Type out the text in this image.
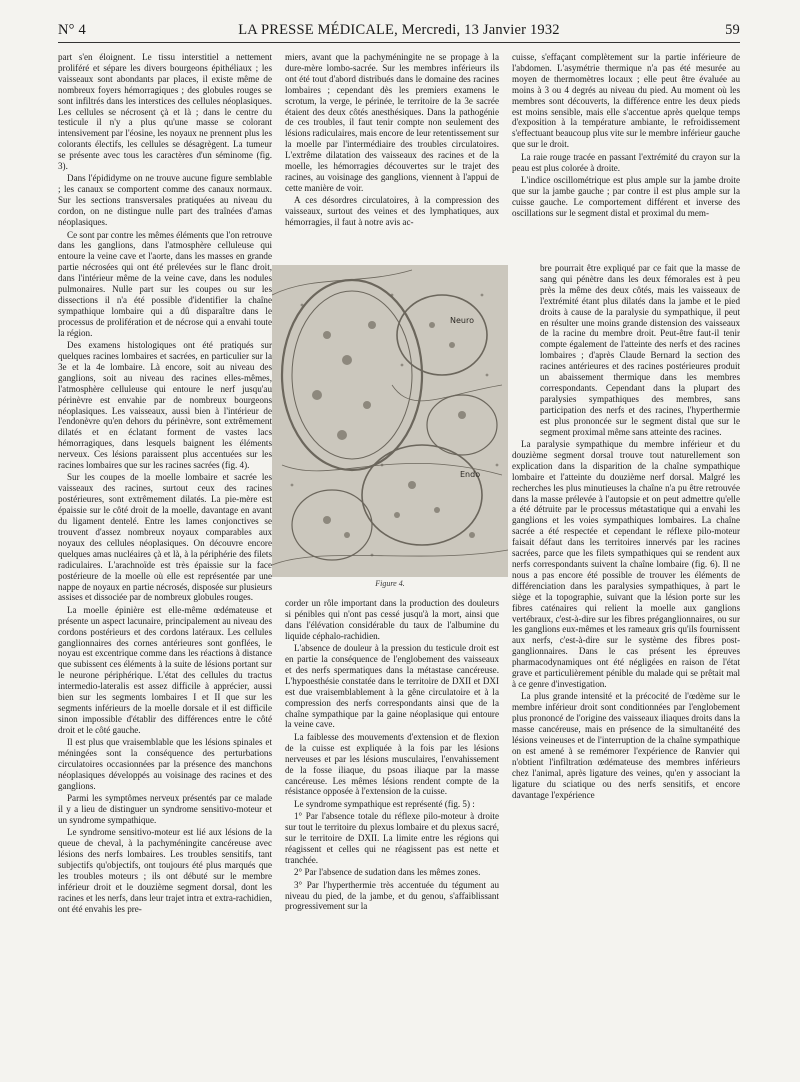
N° 4	LA PRESSE MÉDICALE, Mercredi, 13 Janvier 1932	59

part s'en éloignent. Le tissu interstitiel a nettement proliféré et sépare les divers bourgeons épithéliaux ; les vaisseaux sont abondants par places, il existe même de nombreux foyers hémorragiques ; des globules rouges se sont infiltrés dans les interstices des cellules néoplasiques. Les cellules se nécrosent çà et là ; dans le centre du testicule il n'y a plus qu'une masse se colorant intensivement par l'éosine, les noyaux ne prennent plus les colorants électifs, les cellules se désagrègent. La tumeur se présente avec tous les caractères d'un séminome (fig. 3).

Dans l'épididyme on ne trouve aucune figure semblable ; les canaux se comportent comme des canaux normaux. Sur les sections transversales pratiquées au niveau du cordon, on ne distingue nulle part des traînées d'amas néoplasiques.

Ce sont par contre les mêmes éléments que l'on retrouve dans les ganglions, dans l'atmosphère celluleuse qui entoure la veine cave et l'aorte, dans les masses en grande partie nécrosées qui ont été prélevées sur le flanc droit, dans l'intérieur même de la veine cave, dans les nodules pulmonaires. Nulle part sur les coupes ou sur les dissections il n'a été possible d'identifier la chaîne sympathique lombaire qui a dû disparaître dans le processus de prolifération et de nécrose qui a envahi toute la région.

Des examens histologiques ont été pratiqués sur quelques racines lombaires et sacrées, en particulier sur la 3e et la 4e lombaire. Là encore, soit au niveau des ganglions, soit au niveau des racines elles-mêmes, l'atmosphère celluleuse qui entoure le nerf jusqu'au périnèvre est envahie par de nombreux bourgeons néoplasiques. Les vaisseaux, aussi bien à l'intérieur de l'endonèvre qu'en dehors du périnèvre, sont extrêmement dilatés et en éclatant forment de vastes lacs hémorragiques, dans lesquels baignent les éléments nerveux. Ces lésions paraissent plus accentuées sur les racines lombaires que sur les racines sacrées (fig. 4).

Sur les coupes de la moelle lombaire et sacrée les vaisseaux des racines, surtout ceux des racines postérieures, sont extrêmement dilatés. La pie-mère est épaissie sur le côté droit de la moelle, davantage en avant du ligament dentelé. Entre les lames conjonctives se trouvent d'assez nombreux noyaux comparables aux noyaux des cellules néoplasiques. On découvre encore quelques amas nucléaires çà et là, à la périphérie des filets radiculaires. L'arachnoïde est très épaissie sur la face postérieure de la moelle où elle est représentée par une nappe de noyaux en partie nécrosés, disposée sur plusieurs assises et dissociée par de nombreux globules rouges.

La moelle épinière est elle-même œdémateuse et présente un aspect lacunaire, principalement au niveau des cordons postérieurs et des cordons latéraux. Les cellules ganglionnaires des cornes antérieures sont gonflées, le noyau est excentrique comme dans les réactions à distance que subissent ces éléments à la suite de lésions portant sur le neurone périphérique. L'état des cellules du tractus intermedio-lateralis est assez difficile à apprécier, aussi bien sur les segments lombaires I et II que sur les segments inférieurs de la moelle dorsale et il est difficile sinon impossible d'établir des différences entre le côté droit et le côté gauche.

Il est plus que vraisemblable que les lésions spinales et méningées sont la conséquence des perturbations circulatoires occasionnées par la présence des manchons néoplasiques développés au voisinage des racines et des ganglions.

Parmi les symptômes nerveux présentés par ce malade il y a lieu de distinguer un syndrome sensitivo-moteur et un syndrome sympathique.

Le syndrome sensitivo-moteur est lié aux lésions de la queue de cheval, à la pachyméningite cancéreuse avec lésions des nerfs lombaires. Les troubles sensitifs, tant subjectifs qu'objectifs, ont toujours été plus marqués que les troubles moteurs ; ils ont débuté sur le membre inférieur droit et le douzième segment dorsal, dont les racines et les nerfs, dans leur trajet intra et extra-rachidien, ont été envahis les pre-

miers, avant que la pachyméningite ne se propage à la dure-mère lombo-sacrée. Sur les membres inférieurs ils ont été tout d'abord distribués dans le domaine des racines lombaires ; cependant dès les premiers examens le scrotum, la verge, le périnée, le territoire de la 3e sacrée étaient des deux côtés anesthésiques. Dans la pathogénie de ces troubles, il faut tenir compte non seulement des lésions radiculaires, mais encore de leur retentissement sur la moelle par l'intermédiaire des troubles circulatoires. L'extrême dilatation des vaisseaux des racines et de la moelle, les hémorragies découvertes sur le trajet des racines, au voisinage des ganglions, viennent à l'appui de cette manière de voir.

A ces désordres circulatoires, à la compression des vaisseaux, surtout des veines et des lymphatiques, aux hémorragies, il faut à notre avis ac-

cuisse, s'effaçant complètement sur la partie inférieure de l'abdomen. L'asymétrie thermique n'a pas été mesurée au moyen de thermomètres locaux ; elle peut être évaluée au moins à 3 ou 4 degrés au niveau du pied. Au moment où les membres sont découverts, la différence entre les deux pieds est moins sensible, mais elle s'accentue après quelque temps d'exposition à la température ambiante, le refroidissement s'effectuant beaucoup plus vite sur le membre inférieur gauche que sur le droit.

La raie rouge tracée en passant l'extrémité du crayon sur la peau est plus colorée à droite.

L'indice oscillométrique est plus ample sur la jambe droite que sur la jambe gauche ; par contre il est plus ample sur la cuisse gauche. Le comportement différent et inverse des oscillations sur le segment distal et proximal du mem-

Neuro
Endo
Figure 4.

corder un rôle important dans la production des douleurs si pénibles qui n'ont pas cessé jusqu'à la mort, ainsi que dans l'élévation considérable du taux de l'albumine du liquide céphalo-rachidien.

L'absence de douleur à la pression du testicule droit est en partie la conséquence de l'englobement des vaisseaux et des nerfs spermatiques dans la métastase cancéreuse. L'hypoesthésie constatée dans le territoire de DXII et DXI est due vraisemblablement à la gêne circulatoire et à la compression des nerfs correspondants ainsi que de la chaîne sympathique par la gaine néoplasique qui entoure la veine cave.

La faiblesse des mouvements d'extension et de flexion de la cuisse est expliquée à la fois par les lésions nerveuses et par les lésions musculaires, l'envahissement de la fosse iliaque, du psoas iliaque par la masse cancéreuse. Les mêmes lésions rendent compte de la résistance opposée à l'extension de la cuisse.

Le syndrome sympathique est représenté (fig. 5) :

1° Par l'absence totale du réflexe pilo-moteur à droite sur tout le territoire du plexus lombaire et du plexus sacré, sur le territoire de DXII. La limite entre les régions qui réagissent et celles qui ne réagissent pas est nette et tranchée.

2° Par l'absence de sudation dans les mêmes zones.

3° Par l'hyperthermie très accentuée du tégument au niveau du pied, de la jambe, et du genou, s'affaiblissant progressivement sur la

bre pourrait être expliqué par ce fait que la masse de sang qui pénètre dans les deux fémorales est à peu près la même des deux côtés, mais les vaisseaux de l'extrémité étant plus dilatés dans la jambe et le pied droits à cause de la paralysie du sympathique, il peut en résulter une moins grande distension des vaisseaux de la racine du membre droit. Peut-être faut-il tenir compte également de l'atteinte des nerfs et des racines lombaires ; d'après Claude Bernard la section des racines antérieures et des racines postérieures produit un abaissement thermique dans les membres correspondants. Cependant dans la plupart des paralysies sympathiques des membres, sans participation des nerfs et des racines, l'hyperthermie est plus prononcée sur le segment distal que sur le segment proximal même sans atteinte des racines.

La paralysie sympathique du membre inférieur et du douzième segment dorsal trouve tout naturellement son explication dans la disparition de la chaîne sympathique lombaire et l'atteinte du douzième nerf dorsal. Malgré les recherches les plus minutieuses la chaîne n'a pu être retrouvée dans la masse prélevée à l'autopsie et on peut admettre qu'elle a été détruite par le processus métastatique qui a envahi les ganglions et les voies sympathiques lombaires. La chaîne sacrée a été respectée et cependant le réflexe pilo-moteur faisait défaut dans les territoires innervés par les racines sacrées, parce que les filets sympathiques qui se rendent aux nerfs correspondants suivent la chaîne lombaire (fig. 6). Il ne nous a pas encore été possible de trouver les éléments de différenciation dans les paralysies sympathiques, à part le siège et la topographie, suivant que la lésion porte sur les fibres caténaires qui relient la moelle aux ganglions vertébraux, c'est-à-dire sur les fibres préganglionnaires, ou sur les ganglions eux-mêmes et les rameaux gris qu'ils fournissent aux nerfs, c'est-à-dire sur le système des fibres post-ganglionnaires. Dans le cas présent les épreuves pharmacodynamiques ont été négligées en raison de l'état grave et particulièrement pénible du malade qui se prêtait mal à ce genre d'investigation.

La plus grande intensité et la précocité de l'œdème sur le membre inférieur droit sont conditionnées par l'englobement plus prononcé de l'origine des vaisseaux iliaques droits dans la masse cancéreuse, mais en présence de la simultanéité des lésions veineuses et de l'interruption de la chaîne sympathique on est amené à se remémorer l'expérience de Ranvier qui n'obtient l'infiltration œdémateuse des membres inférieurs chez l'animal, après ligature des veines, qu'en y associant la ligature du sciatique ou des nerfs sensitifs, et encore davantage l'expérience
